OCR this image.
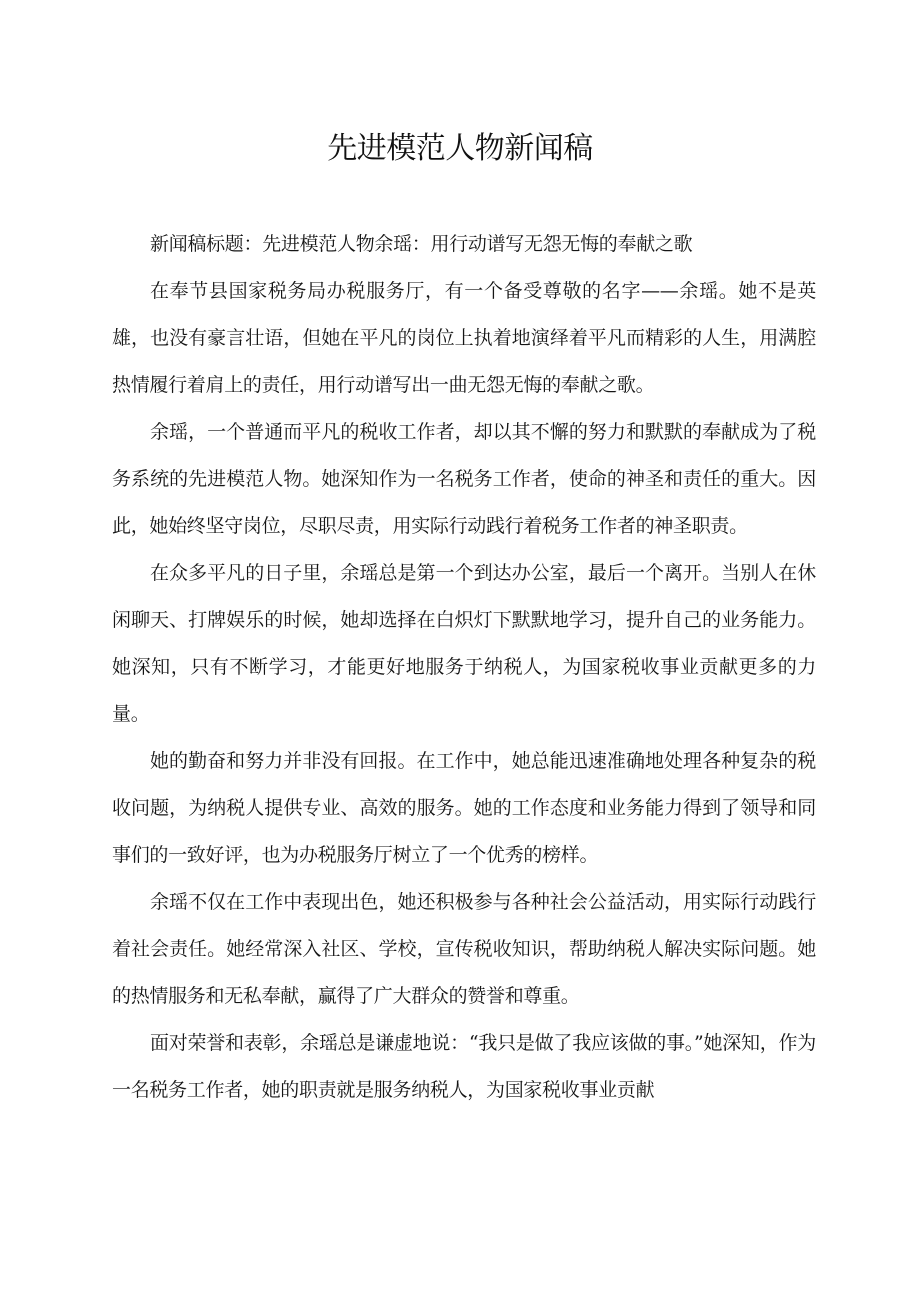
先进模范人物新闻稿

新闻稿标题：先进模范人物余瑶：用行动谱写无怨无悔的奉献之歌

在奉节县国家税务局办税服务厅，有一个备受尊敬的名字——余瑶。她不是英雄，也没有豪言壮语，但她在平凡的岗位上执着地演绎着平凡而精彩的人生，用满腔热情履行着肩上的责任，用行动谱写出一曲无怨无悔的奉献之歌。

余瑶，一个普通而平凡的税收工作者，却以其不懈的努力和默默的奉献成为了税务系统的先进模范人物。她深知作为一名税务工作者，使命的神圣和责任的重大。因此，她始终坚守岗位，尽职尽责，用实际行动践行着税务工作者的神圣职责。

在众多平凡的日子里，余瑶总是第一个到达办公室，最后一个离开。当别人在休闲聊天、打牌娱乐的时候，她却选择在白炽灯下默默地学习，提升自己的业务能力。她深知，只有不断学习，才能更好地服务于纳税人，为国家税收事业贡献更多的力量。

她的勤奋和努力并非没有回报。在工作中，她总能迅速准确地处理各种复杂的税收问题，为纳税人提供专业、高效的服务。她的工作态度和业务能力得到了领导和同事们的一致好评，也为办税服务厅树立了一个优秀的榜样。

余瑶不仅在工作中表现出色，她还积极参与各种社会公益活动，用实际行动践行着社会责任。她经常深入社区、学校，宣传税收知识，帮助纳税人解决实际问题。她的热情服务和无私奉献，赢得了广大群众的赞誉和尊重。

面对荣誉和表彰，余瑶总是谦虚地说：“我只是做了我应该做的事。”她深知，作为一名税务工作者，她的职责就是服务纳税人，为国家税收事业贡献
